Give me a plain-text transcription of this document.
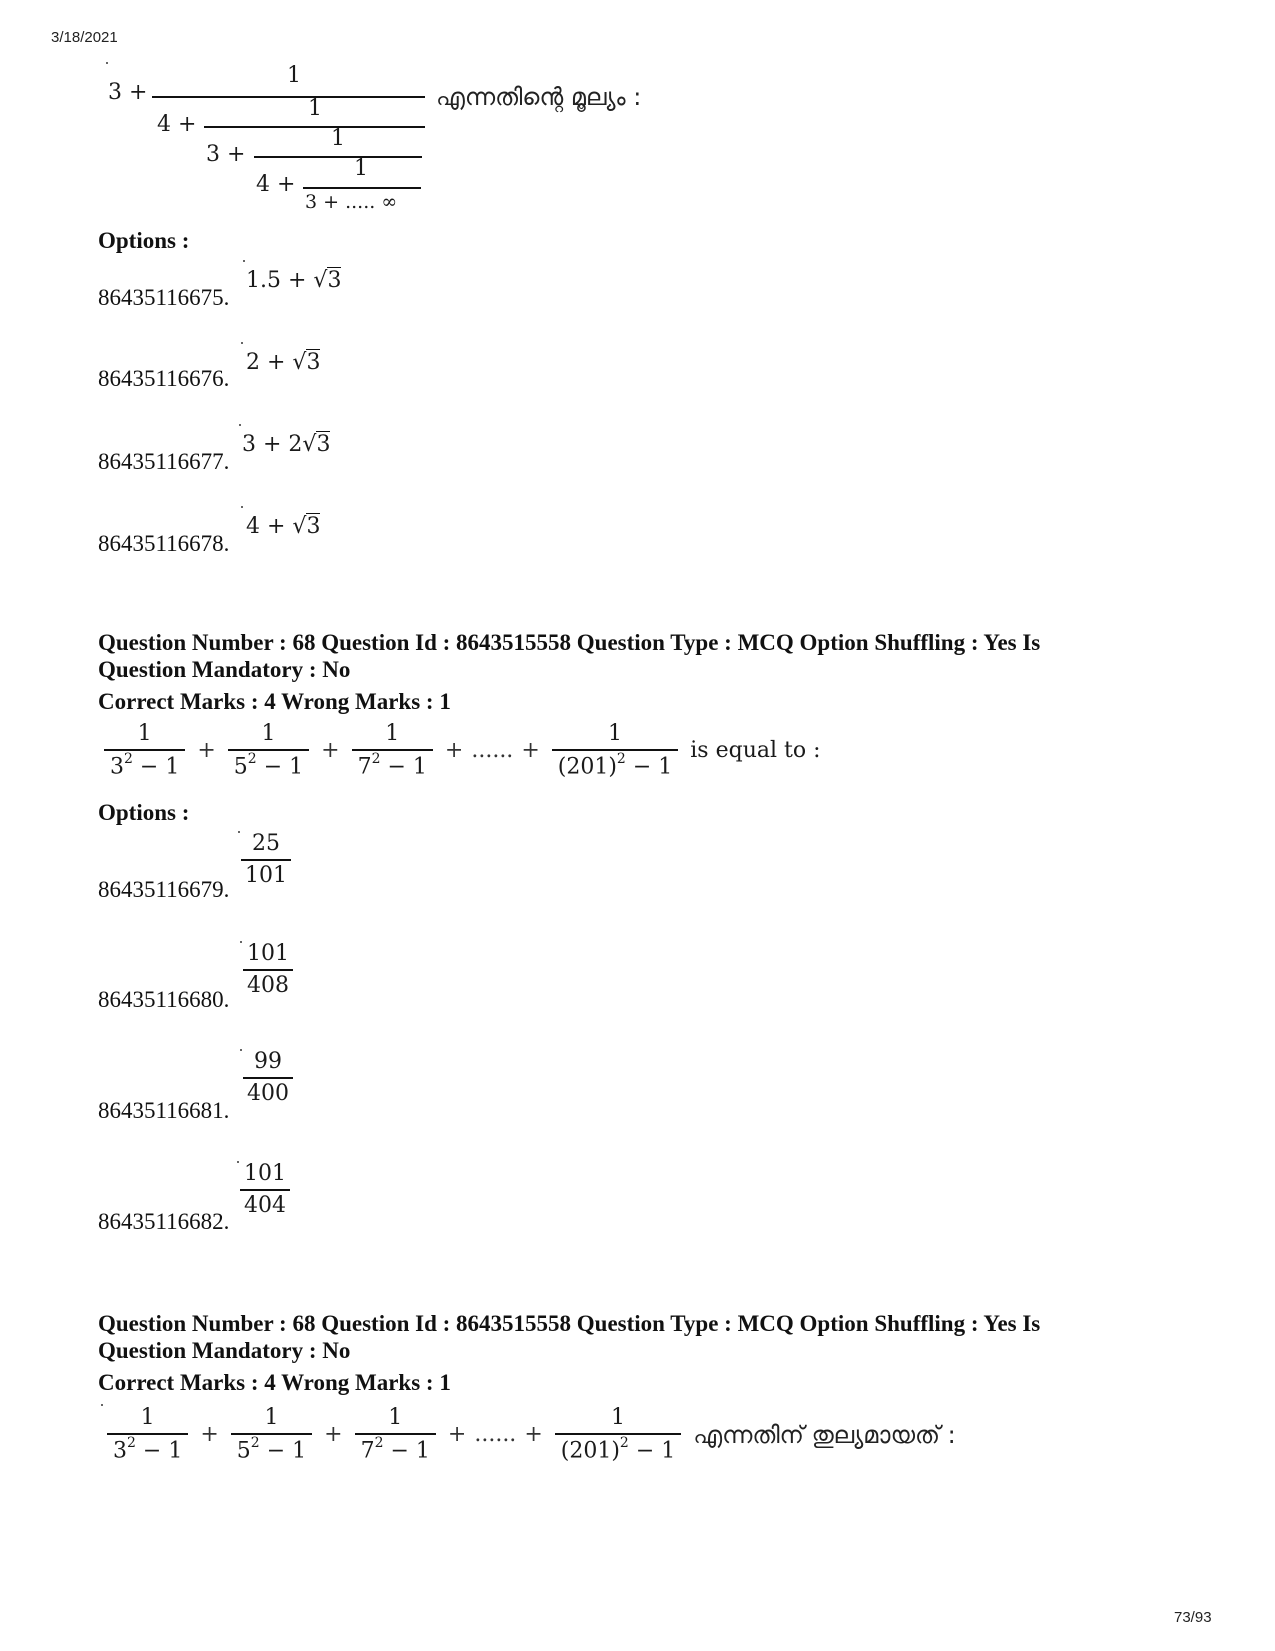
3/18/2021
1
3 +
1
4 +
1
3 +
1
4 +
3 + ..... ∞
എന്നതിന്റെ മൂല്യം :
Options :
86435116675.
1.5 + √3
86435116676.
2 + √3
86435116677.
3 + 2√3
86435116678.
4 + √3
Question Number : 68 Question Id : 8643515558 Question Type : MCQ Option Shuffling : Yes Is
Question Mandatory : No
Correct Marks : 4 Wrong Marks : 1
$\frac{1}{3^2 - 1} + \frac{1}{5^2 - 1} + \frac{1}{7^2 - 1}$ + ...... + $\frac{1}{(201)^2 - 1}$ is equal to :
Options :
86435116679.
$\frac{25}{101}$
86435116680.
$\frac{101}{408}$
86435116681.
$\frac{99}{400}$
86435116682.
$\frac{101}{404}$
Question Number : 68 Question Id : 8643515558 Question Type : MCQ Option Shuffling : Yes Is
Question Mandatory : No
Correct Marks : 4 Wrong Marks : 1
$\frac{1}{3^2 - 1} + \frac{1}{5^2 - 1} + \frac{1}{7^2 - 1}$ + ...... + $\frac{1}{(201)^2 - 1}$ എന്നതിന് തുല്യമായത് :
73/93
